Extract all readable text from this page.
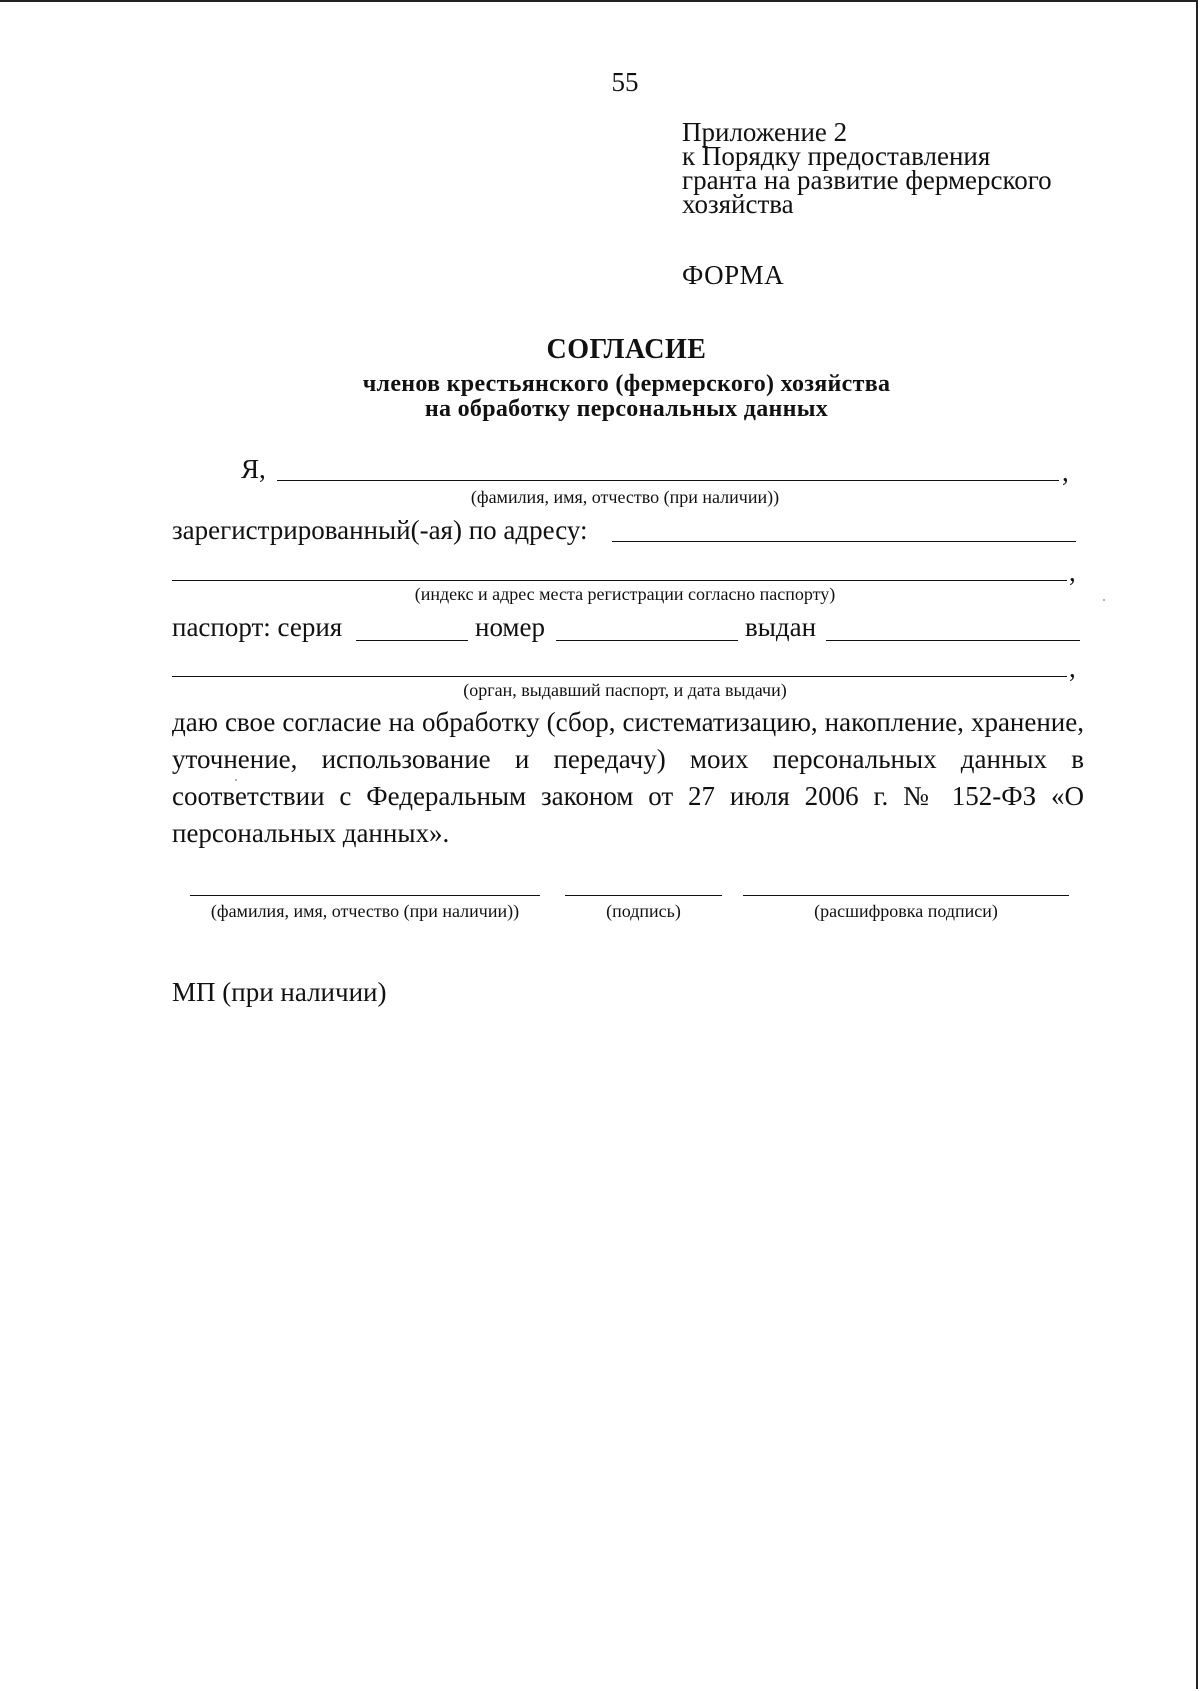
55
Приложение 2
к Порядку предоставления
гранта на развитие фермерского
хозяйства
ФОРМА
СОГЛАСИЕ
членов крестьянского (фермерского) хозяйства
на обработку персональных данных
Я,	,
(фамилия, имя, отчество (при наличии))
зарегистрированный(-ая) по адресу:
,
(индекс и адрес места регистрации согласно паспорту)
паспорт: серия	номер	выдан
,
(орган, выдавший паспорт, и дата выдачи)

даю свое согласие на обработку (сбор, систематизацию, накопление, хранение, уточнение, использование и передачу) моих персональных данных в соответствии с Федеральным законом от 27 июля 2006 г. № 152-ФЗ «О персональных данных».

(фамилия, имя, отчество (при наличии))	(подпись)	(расшифровка подписи)
МП (при наличии)
